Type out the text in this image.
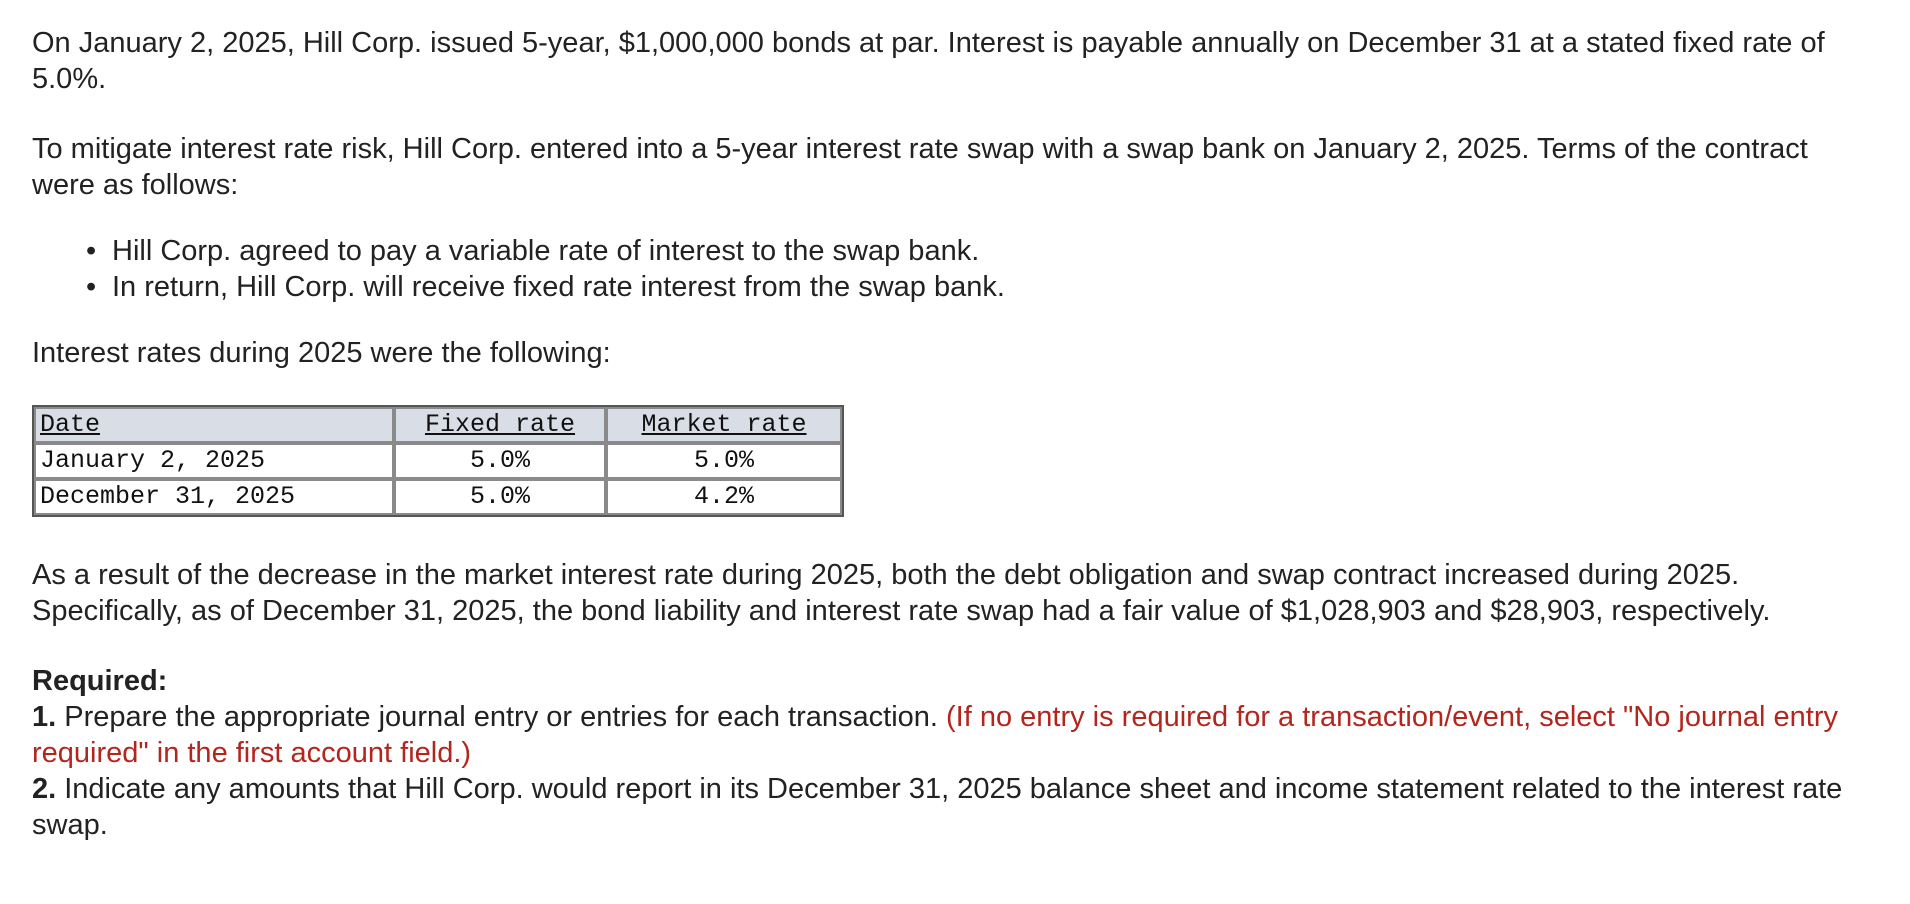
On January 2, 2025, Hill Corp. issued 5-year, $1,000,000 bonds at par. Interest is payable annually on December 31 at a stated fixed rate of 5.0%.

To mitigate interest rate risk, Hill Corp. entered into a 5-year interest rate swap with a swap bank on January 2, 2025. Terms of the contract were as follows:

• Hill Corp. agreed to pay a variable rate of interest to the swap bank.
• In return, Hill Corp. will receive fixed rate interest from the swap bank.

Interest rates during 2025 were the following:

Date	Fixed rate	Market rate
January 2, 2025	5.0%	5.0%
December 31, 2025	5.0%	4.2%

As a result of the decrease in the market interest rate during 2025, both the debt obligation and swap contract increased during 2025. Specifically, as of December 31, 2025, the bond liability and interest rate swap had a fair value of $1,028,903 and $28,903, respectively.

Required:
1. Prepare the appropriate journal entry or entries for each transaction. (If no entry is required for a transaction/event, select "No journal entry required" in the first account field.)
2. Indicate any amounts that Hill Corp. would report in its December 31, 2025 balance sheet and income statement related to the interest rate swap.
